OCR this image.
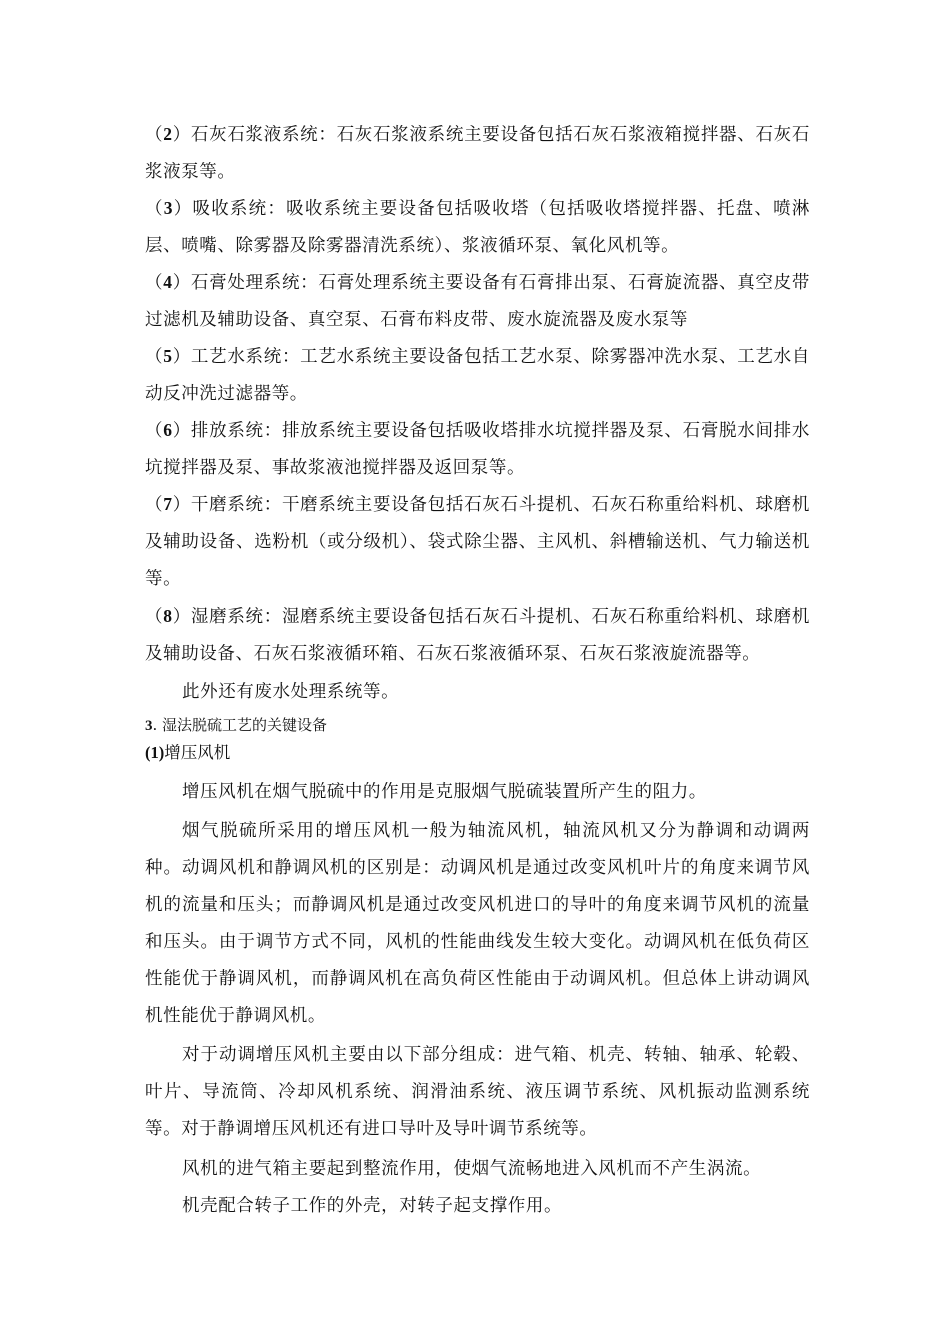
（2）石灰石浆液系统：石灰石浆液系统主要设备包括石灰石浆液箱搅拌器、石灰石浆液泵等。

（3）吸收系统：吸收系统主要设备包括吸收塔（包括吸收塔搅拌器、托盘、喷淋层、喷嘴、除雾器及除雾器清洗系统）、浆液循环泵、氧化风机等。

（4）石膏处理系统：石膏处理系统主要设备有石膏排出泵、石膏旋流器、真空皮带过滤机及辅助设备、真空泵、石膏布料皮带、废水旋流器及废水泵等

（5）工艺水系统：工艺水系统主要设备包括工艺水泵、除雾器冲洗水泵、工艺水自动反冲洗过滤器等。

（6）排放系统：排放系统主要设备包括吸收塔排水坑搅拌器及泵、石膏脱水间排水坑搅拌器及泵、事故浆液池搅拌器及返回泵等。

（7）干磨系统：干磨系统主要设备包括石灰石斗提机、石灰石称重给料机、球磨机及辅助设备、选粉机（或分级机）、袋式除尘器、主风机、斜槽输送机、气力输送机等。

（8）湿磨系统：湿磨系统主要设备包括石灰石斗提机、石灰石称重给料机、球磨机及辅助设备、石灰石浆液循环箱、石灰石浆液循环泵、石灰石浆液旋流器等。

此外还有废水处理系统等。

3. 湿法脱硫工艺的关键设备

(1)增压风机

增压风机在烟气脱硫中的作用是克服烟气脱硫装置所产生的阻力。

烟气脱硫所采用的增压风机一般为轴流风机，轴流风机又分为静调和动调两种。动调风机和静调风机的区别是：动调风机是通过改变风机叶片的角度来调节风机的流量和压头；而静调风机是通过改变风机进口的导叶的角度来调节风机的流量和压头。由于调节方式不同，风机的性能曲线发生较大变化。动调风机在低负荷区性能优于静调风机，而静调风机在高负荷区性能由于动调风机。但总体上讲动调风机性能优于静调风机。

对于动调增压风机主要由以下部分组成：进气箱、机壳、转轴、轴承、轮毂、叶片、导流筒、冷却风机系统、润滑油系统、液压调节系统、风机振动监测系统等。对于静调增压风机还有进口导叶及导叶调节系统等。

风机的进气箱主要起到整流作用，使烟气流畅地进入风机而不产生涡流。

机壳配合转子工作的外壳，对转子起支撑作用。
